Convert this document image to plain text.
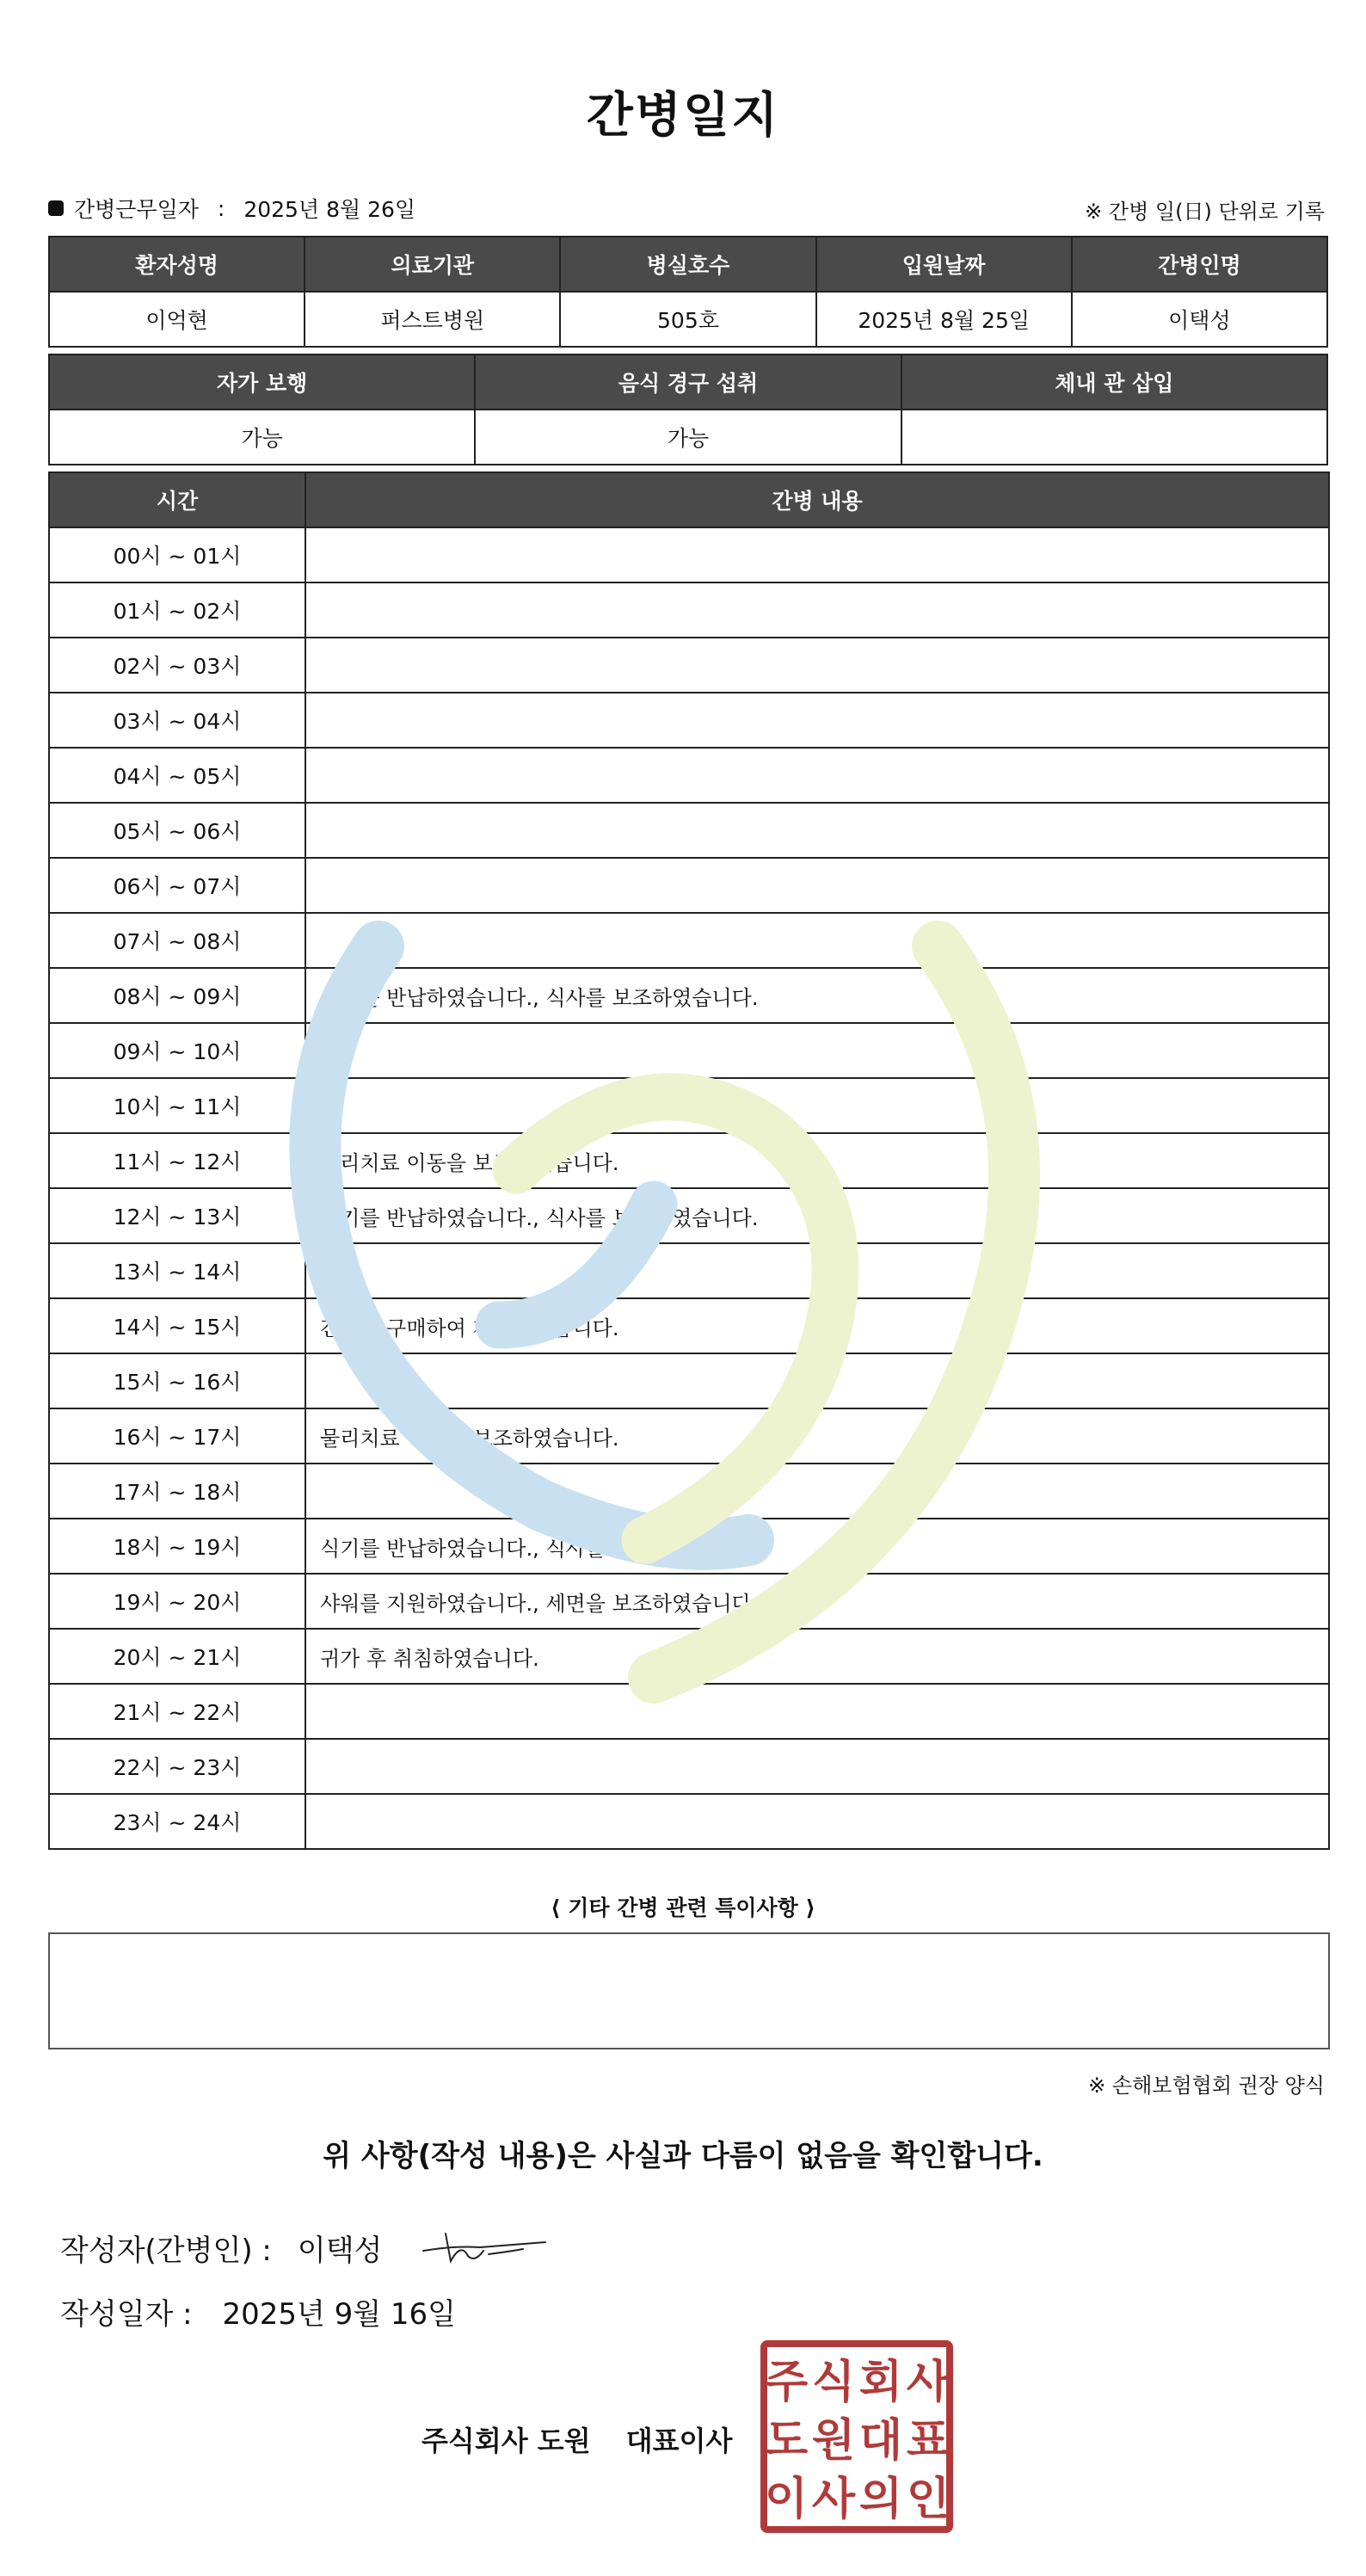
간병일지
간병근무일자 : 2025년 8월 26일	※ 간병 일(日) 단위로 기록
환자성명	의료기관	병실호수	입원날짜	간병인명
이억현	퍼스트병원	505호	2025년 8월 25일	이택성
자가 보행	음식 경구 섭취	체내 관 삽입
가능	가능	
시간	간병 내용
00시 ~ 01시	
01시 ~ 02시	
02시 ~ 03시	
03시 ~ 04시	
04시 ~ 05시	
05시 ~ 06시	
06시 ~ 07시	
07시 ~ 08시	
08시 ~ 09시	식기를 반납하였습니다., 식사를 보조하였습니다.
09시 ~ 10시	
10시 ~ 11시	
11시 ~ 12시	물리치료 이동을 보조하였습니다.
12시 ~ 13시	식기를 반납하였습니다., 식사를 보조하였습니다.
13시 ~ 14시	
14시 ~ 15시	간식을 구매하여 제공하였습니다.
15시 ~ 16시	
16시 ~ 17시	물리치료 이동을 보조하였습니다.
17시 ~ 18시	
18시 ~ 19시	식기를 반납하였습니다., 식사를 보조하였습니다.
19시 ~ 20시	샤워를 지원하였습니다., 세면을 보조하였습니다.
20시 ~ 21시	귀가 후 취침하였습니다.
21시 ~ 22시	
22시 ~ 23시	
23시 ~ 24시	
⟨ 기타 간병 관련 특이사항 ⟩
※ 손해보험협회 권장 양식
위 사항(작성 내용)은 사실과 다름이 없음을 확인합니다.
작성자(간병인) : 이택성
작성일자 : 2025년 9월 16일
주식회사 도원 대표이사
주 식 회 사
도 원 대 표
이 사 의 인
